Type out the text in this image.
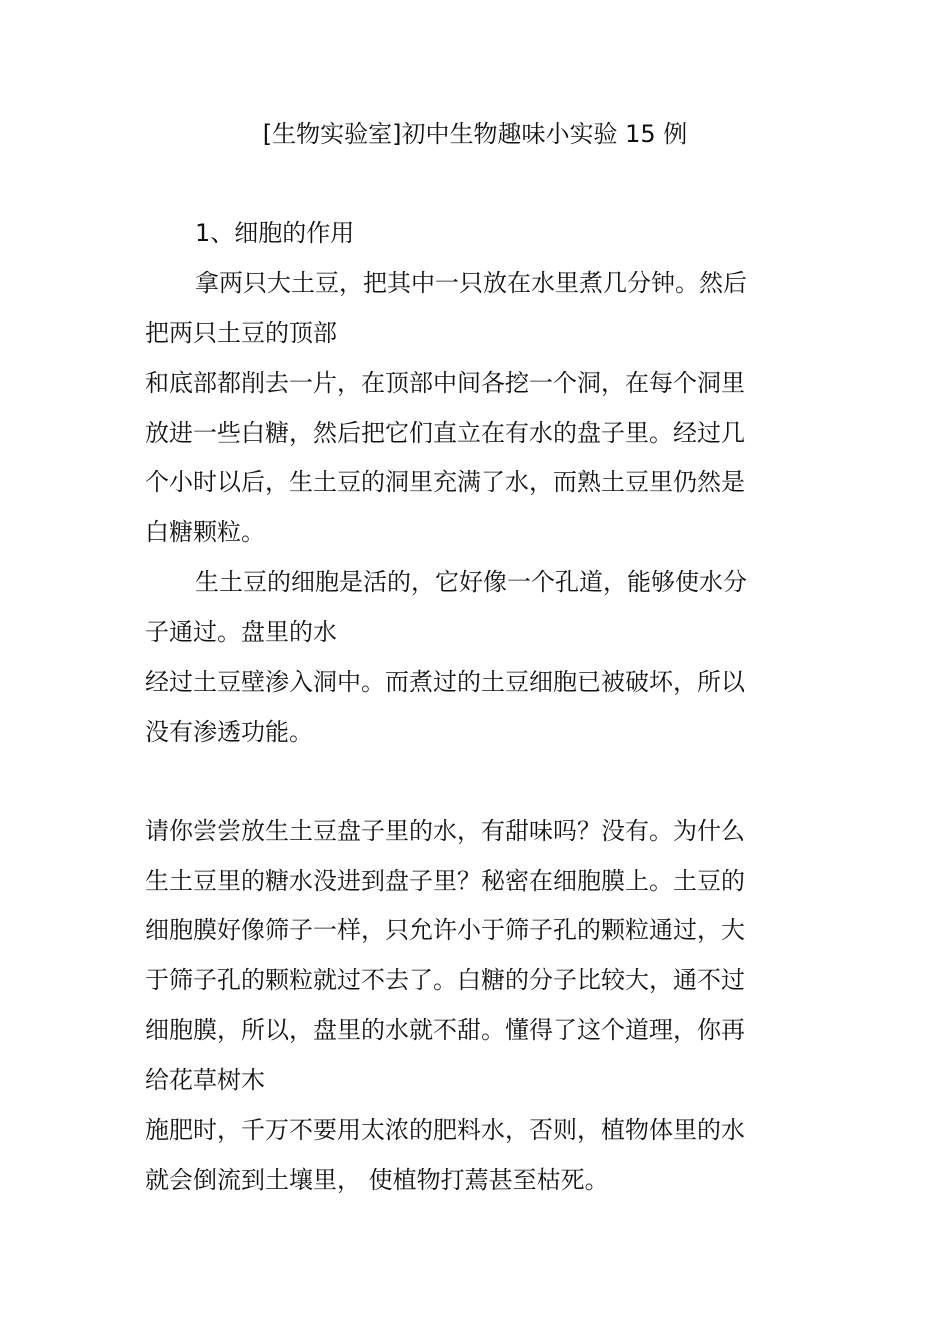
[生物实验室]初中生物趣味小实验 15 例
1、细胞的作用
拿两只大土豆，把其中一只放在水里煮几分钟。然后
把两只土豆的顶部
和底部都削去一片，在顶部中间各挖一个洞，在每个洞里
放进一些白糖，然后把它们直立在有水的盘子里。经过几
个小时以后，生土豆的洞里充满了水，而熟土豆里仍然是
白糖颗粒。
生土豆的细胞是活的，它好像一个孔道，能够使水分
子通过。盘里的水
经过土豆壁渗入洞中。而煮过的土豆细胞已被破坏，所以
没有渗透功能。
请你尝尝放生土豆盘子里的水，有甜味吗？没有。为什么
生土豆里的糖水没进到盘子里？秘密在细胞膜上。土豆的
细胞膜好像筛子一样，只允许小于筛子孔的颗粒通过，大
于筛子孔的颗粒就过不去了。白糖的分子比较大，通不过
细胞膜，所以，盘里的水就不甜。懂得了这个道理，你再
给花草树木
施肥时，千万不要用太浓的肥料水，否则，植物体里的水
就会倒流到土壤里， 使植物打蔫甚至枯死。
